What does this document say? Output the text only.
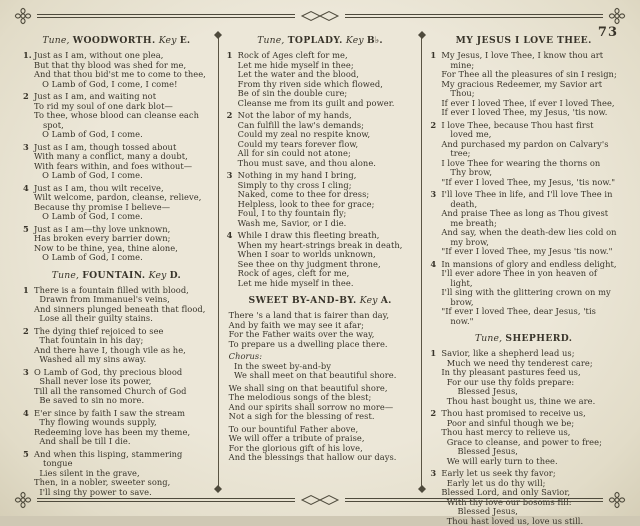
73
Tune, WOODWORTH. Key E.
1. Just as I am, without one plea,
But that thy blood was shed for me,
And that thou bid'st me to come to thee,
O Lamb of God, I come, I come!
2 Just as I am, and waiting not
To rid my soul of one dark blot—
To thee, whose blood can cleanse each spot,
O Lamb of God, I come.
3 Just as I am, though tossed about
With many a conflict, many a doubt,
With fears within, and foes without—
O Lamb of God, I come.
4 Just as I am, thou wilt receive,
Wilt welcome, pardon, cleanse, relieve,
Because thy promise I believe—
O Lamb of God, I come.
5 Just as I am—thy love unknown,
Has broken every barrier down;
Now to be thine, yea, thine alone,
O Lamb of God, I come.
Tune, FOUNTAIN. Key D.
1 There is a fountain filled with blood,
Drawn from Immanuel's veins,
And sinners plunged beneath that flood,
Lose all their guilty stains.
2 The dying thief rejoiced to see
That fountain in his day;
And there have I, though vile as he,
Washed all my sins away.
3 O Lamb of God, thy precious blood
Shall never lose its power,
Till all the ransomed Church of God
Be saved to sin no more.
4 E'er since by faith I saw the stream
Thy flowing wounds supply,
Redeeming love has been my theme,
And shall be till I die.
5 And when this lisping, stammering tongue
Lies silent in the grave,
Then, in a nobler, sweeter song,
I'll sing thy power to save.
Tune, TOPLADY. Key B♭.
1 Rock of Ages cleft for me,
Let me hide myself in thee;
Let the water and the blood,
From thy riven side which flowed,
Be of sin the double cure;
Cleanse me from its guilt and power.
2 Not the labor of my hands,
Can fulfill the law's demands;
Could my zeal no respite know,
Could my tears forever flow,
All for sin could not atone;
Thou must save, and thou alone.
3 Nothing in my hand I bring,
Simply to thy cross I cling;
Naked, come to thee for dress;
Helpless, look to thee for grace;
Foul, I to thy fountain fly;
Wash me, Savior, or I die.
4 While I draw this fleeting breath,
When my heart-strings break in death,
When I soar to worlds unknown,
See thee on thy judgment throne,
Rock of ages, cleft for me,
Let me hide myself in thee.
SWEET BY-AND-BY. Key A.
There 's a land that is fairer than day,
And by faith we may see it afar;
For the Father waits over the way,
To prepare us a dwelling place there.
Chorus:
In the sweet by-and-by
We shall meet on that beautiful shore.
We shall sing on that beautiful shore,
The melodious songs of the blest;
And our spirits shall sorrow no more—
Not a sigh for the blessing of rest.
To our bountiful Father above,
We will offer a tribute of praise,
For the glorious gift of his love,
And the blessings that hallow our days.
MY JESUS I LOVE THEE.
1 My Jesus, I love Thee, I know thou art mine;
For Thee all the pleasures of sin I resign;
My gracious Redeemer, my Savior art Thou;
If ever I loved Thee, if ever I loved Thee,
If ever I loved Thee, my Jesus, 'tis now.
2 I love Thee, because Thou hast first loved me,
And purchased my pardon on Calvary's tree;
I love Thee for wearing the thorns on Thy brow,
"If ever I loved Thee, my Jesus, 'tis now."
3 I'll love Thee in life, and I'll love Thee in death,
And praise Thee as long as Thou givest me breath;
And say, when the death-dew lies cold on my brow,
"If ever I loved Thee, my Jesus 'tis now."
4 In mansions of glory and endless delight,
I'll ever adore Thee in yon heaven of light,
I'll sing with the glittering crown on my brow,
"If ever I loved Thee, dear Jesus, 'tis now."
Tune, SHEPHERD.
1 Savior, like a shepherd lead us;
Much we need thy tenderest care;
In thy pleasant pastures feed us,
For our use thy folds prepare:
Blessed Jesus,
Thou hast bought us, thine we are.
2 Thou hast promised to receive us,
Poor and sinful though we be;
Thou hast mercy to relieve us,
Grace to cleanse, and power to free;
Blessed Jesus,
We will early turn to thee.
3 Early let us seek thy favor;
Early let us do thy will;
Blessed Lord, and only Savior,
With thy love our bosoms fill:
Blessed Jesus,
Thou hast loved us, love us still.
